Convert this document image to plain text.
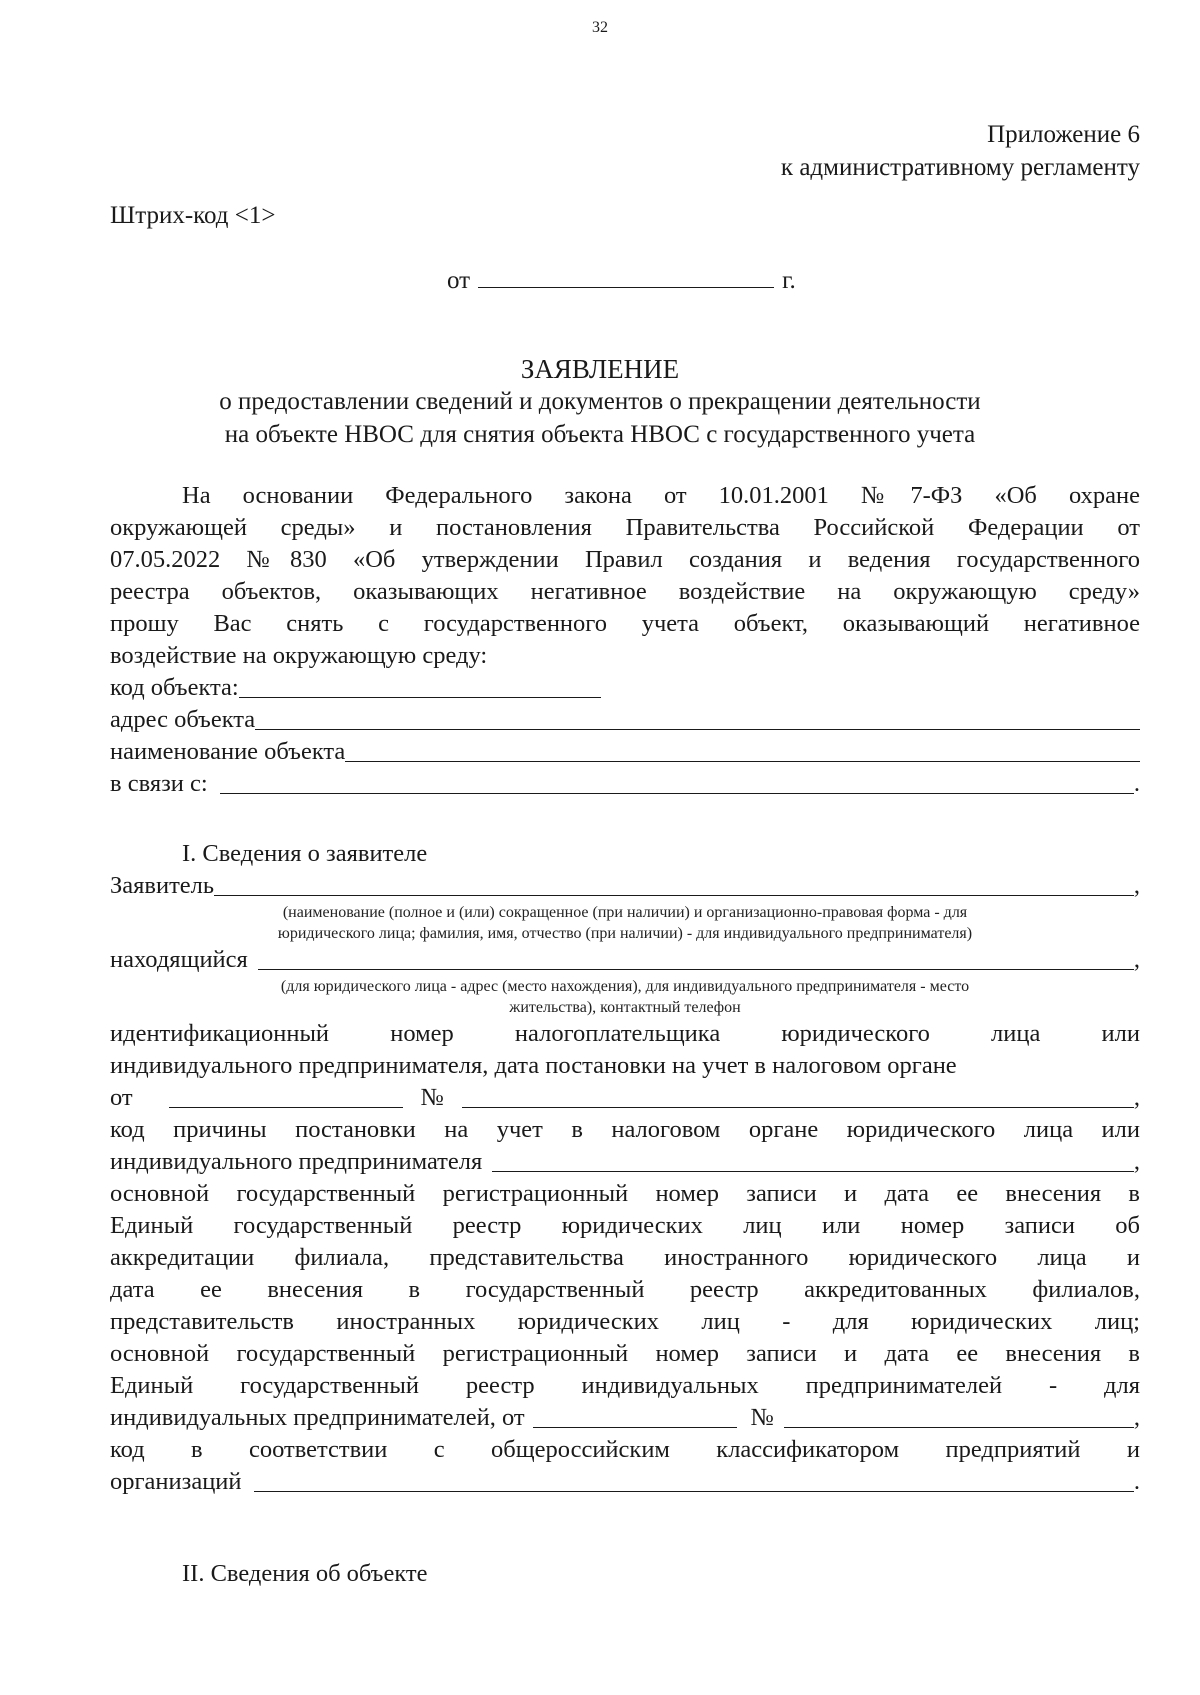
32
Приложение 6
к административному регламенту
Штрих-код <1>
от	г.
ЗАЯВЛЕНИЕ
о предоставлении сведений и документов о прекращении деятельности
на объекте НВОС для снятия объекта НВОС с государственного учета

На основании Федерального закона от 10.01.2001 №7-ФЗ «Об охране

окружающей среды» и постановления Правительства Российской Федерации от

07.05.2022 №830 «Об утверждении Правил создания и ведения государственного

реестра объектов, оказывающих негативное воздействие на окружающую среду»

прошу Вас снять с государственного учета объект, оказывающий негативное

воздействие на окружающую среду:

код объекта:
адрес объекта
наименование объекта
в связи с:	.

I. Сведения о заявителе

Заявитель	,
(наименование (полное и (или) сокращенное (при наличии) и организационно-правовая форма - для
юридического лица; фамилия, имя, отчество (при наличии) - для индивидуального предпринимателя)
находящийся	,
(для юридического лица - адрес (место нахождения), для индивидуального предпринимателя - место
жительства), контактный телефон

идентификационный номер налогоплательщика юридического лица или

индивидуального предпринимателя, дата постановки на учет в налоговом органе

от	№	,

код причины постановки на учет в налоговом органе юридического лица или

индивидуального предпринимателя	,

основной государственный регистрационный номер записи и дата ее внесения в

Единый государственный реестр юридических лиц или номер записи об

аккредитации филиала, представительства иностранного юридического лица и

дата ее внесения в государственный реестр аккредитованных филиалов,

представительств иностранных юридических лиц - для юридических лиц;

основной государственный регистрационный номер записи и дата ее внесения в

Единый государственный реестр индивидуальных предпринимателей - для

индивидуальных предпринимателей, от	№	,

код в соответствии с общероссийским классификатором предприятий и

организаций	.

II. Сведения об объекте
